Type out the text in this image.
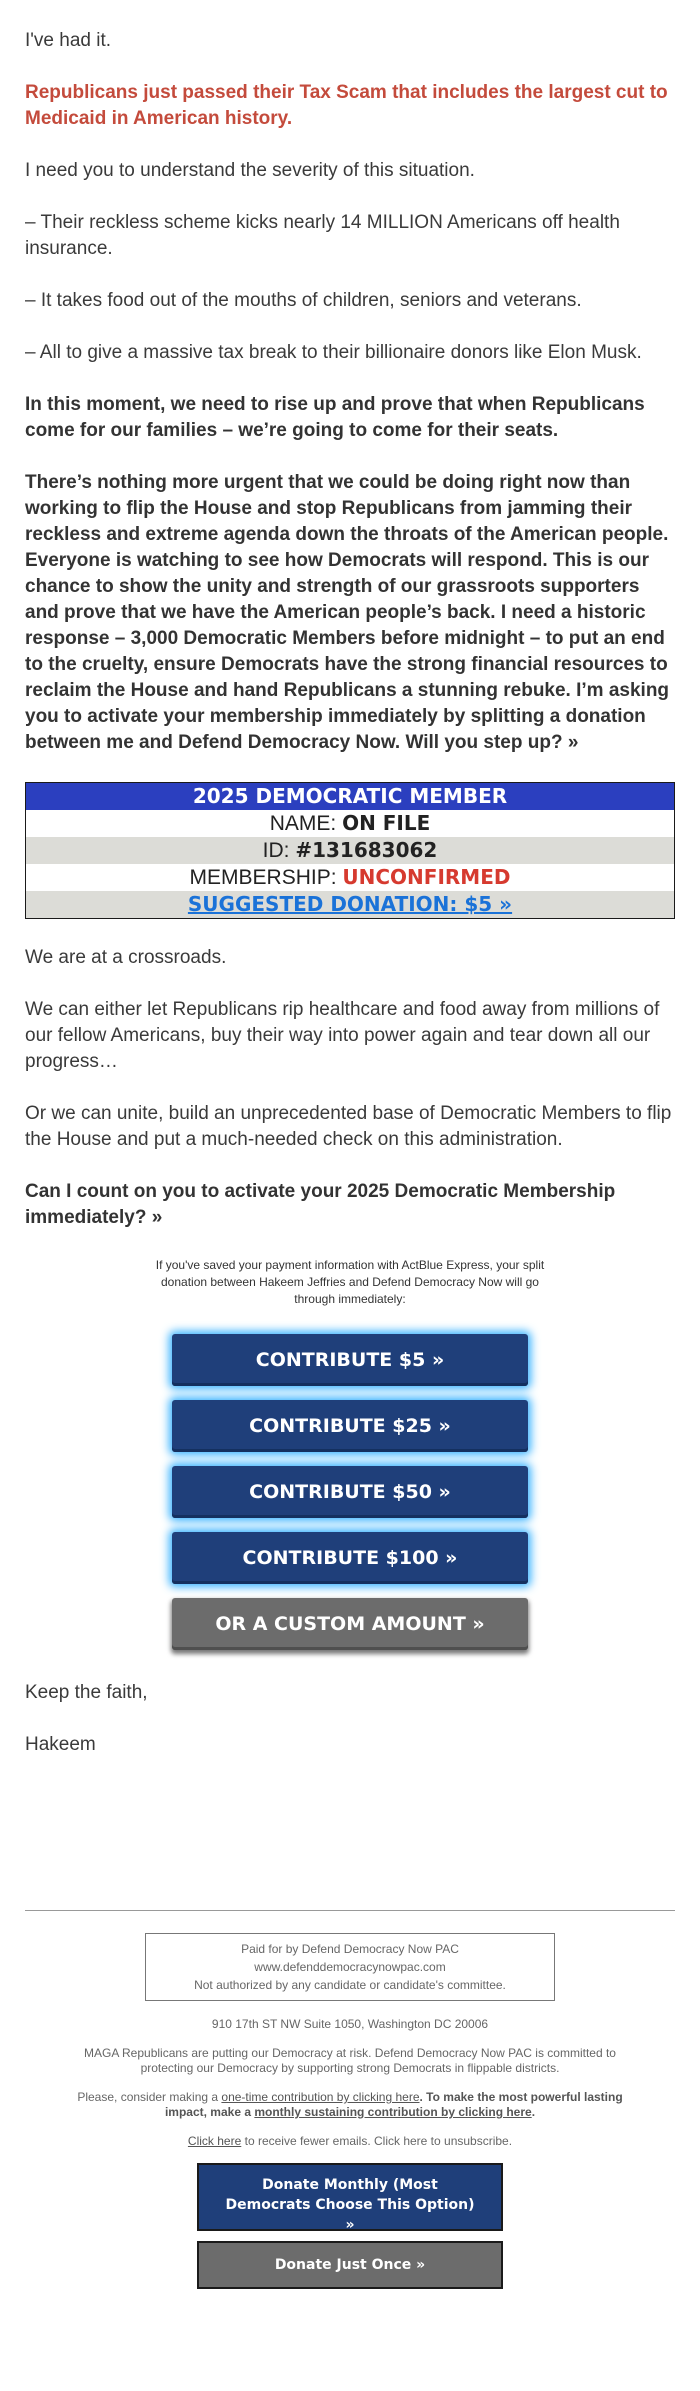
I've had it.

Republicans just passed their Tax Scam that includes the largest cut to Medicaid in American history.

I need you to understand the severity of this situation.

– Their reckless scheme kicks nearly 14 MILLION Americans off health insurance.

– It takes food out of the mouths of children, seniors and veterans.

– All to give a massive tax break to their billionaire donors like Elon Musk.

In this moment, we need to rise up and prove that when Republicans come for our families – we’re going to come for their seats.

There’s nothing more urgent that we could be doing right now than working to flip the House and stop Republicans from jamming their reckless and extreme agenda down the throats of the American people. Everyone is watching to see how Democrats will respond. This is our chance to show the unity and strength of our grassroots supporters and prove that we have the American people’s back. I need a historic response – 3,000 Democratic Members before midnight – to put an end to the cruelty, ensure Democrats have the strong financial resources to reclaim the House and hand Republicans a stunning rebuke. I’m asking you to activate your membership immediately by splitting a donation between me and Defend Democracy Now. Will you step up? »

2025 DEMOCRATIC MEMBER
NAME: ON FILE
ID: #131683062
MEMBERSHIP: UNCONFIRMED
SUGGESTED DONATION: $5 »

We are at a crossroads.

We can either let Republicans rip healthcare and food away from millions of our fellow Americans, buy their way into power again and tear down all our progress…

Or we can unite, build an unprecedented base of Democratic Members to flip the House and put a much-needed check on this administration.

Can I count on you to activate your 2025 Democratic Membership immediately? »

If you've saved your payment information with ActBlue Express, your split donation between Hakeem Jeffries and Defend Democracy Now will go through immediately:

CONTRIBUTE $5 »
CONTRIBUTE $25 »
CONTRIBUTE $50 »
CONTRIBUTE $100 »
OR A CUSTOM AMOUNT »

Keep the faith,

Hakeem

Paid for by Defend Democracy Now PAC
www.defenddemocracynowpac.com
Not authorized by any candidate or candidate's committee.

910 17th ST NW Suite 1050, Washington DC 20006

MAGA Republicans are putting our Democracy at risk. Defend Democracy Now PAC is committed to protecting our Democracy by supporting strong Democrats in flippable districts.

Please, consider making a one-time contribution by clicking here. To make the most powerful lasting impact, make a monthly sustaining contribution by clicking here.

Click here to receive fewer emails. Click here to unsubscribe.

Donate Monthly (Most Democrats Choose This Option) »
Donate Just Once »
